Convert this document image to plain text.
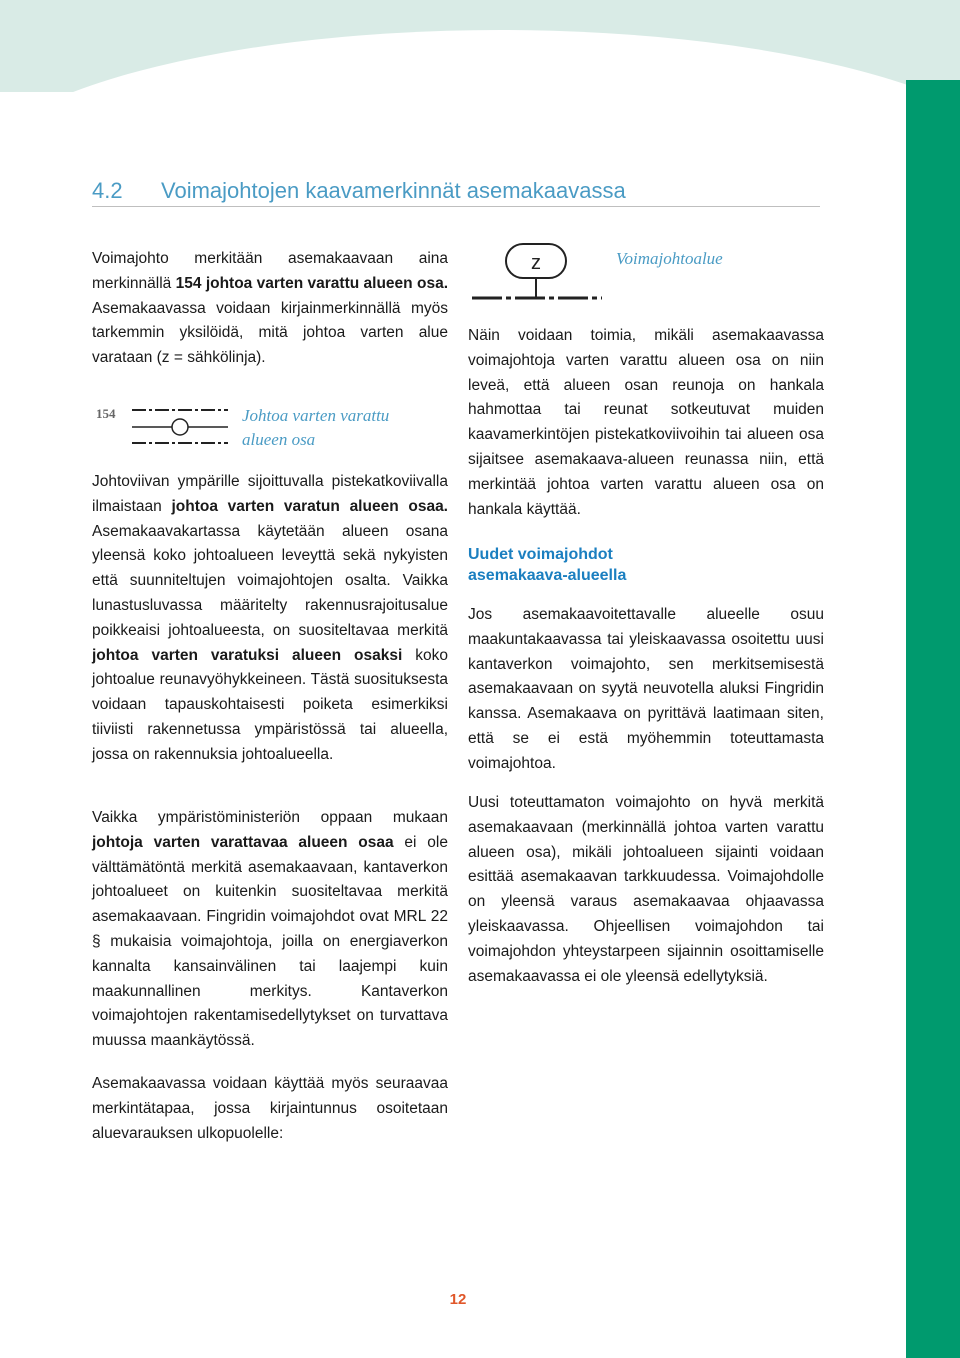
4.2 Voimajohtojen kaavamerkinnät asemakaavassa

Voimajohto merkitään asemakaavaan aina merkinnällä 154 johtoa varten varattu alueen osa. Asemakaavassa voidaan kirjainmerkinnällä myös tarkemmin yksilöidä, mitä johtoa varten alue varataan (z = sähkölinja).

154	Johtoa varten varattu
alueen osa

Johtoviivan ympärille sijoittuvalla pistekatkoviivalla ilmaistaan johtoa varten varatun alueen osaa. Asemakaavakartassa käytetään alueen osana yleensä koko johtoalueen leveyttä sekä nykyisten että suunniteltujen voimajohtojen osalta. Vaikka lunastusluvassa määritelty rakennusrajoitusalue poikkeaisi johtoalueesta, on suositeltavaa merkitä johtoa varten varatuksi alueen osaksi koko johtoalue reunavyöhykkeineen. Tästä suosituksesta voidaan tapauskohtaisesti poiketa esimerkiksi tiiviisti rakennetussa ympäristössä tai alueella, jossa on rakennuksia johtoalueella.

Vaikka ympäristöministeriön oppaan mukaan johtoja varten varattavaa alueen osaa ei ole välttämätöntä merkitä asemakaavaan, kantaverkon johtoalueet on kuitenkin suositeltavaa merkitä asemakaavaan. Fingridin voimajohdot ovat MRL 22 § mukaisia voimajohtoja, joilla on energiaverkon kannalta kansainvälinen tai laajempi kuin maakunnallinen merkitys. Kantaverkon voimajohtojen rakentamisedellytykset on turvattava muussa maankäytössä.

Asemakaavassa voidaan käyttää myös seuraavaa merkintätapaa, jossa kirjaintunnus osoitetaan aluevarauksen ulkopuolelle:

z	Voimajohtoalue

Näin voidaan toimia, mikäli asemakaavassa voimajohtoja varten varattu alueen osa on niin leveä, että alueen osan reunoja on hankala hahmottaa tai reunat sotkeutuvat muiden kaavamerkintöjen pistekatkoviivoihin tai alueen osa sijaitsee asemakaava-alueen reunassa niin, että merkintää johtoa varten varattu alueen osa on hankala käyttää.

Uudet voimajohdot
asemakaava-alueella

Jos asemakaavoitettavalle alueelle osuu maakuntakaavassa tai yleiskaavassa osoitettu uusi kantaverkon voimajohto, sen merkitsemisestä asemakaavaan on syytä neuvotella aluksi Fingridin kanssa. Asemakaava on pyrittävä laatimaan siten, että se ei estä myöhemmin toteuttamasta voimajohtoa.

Uusi toteuttamaton voimajohto on hyvä merkitä asemakaavaan (merkinnällä johtoa varten varattu alueen osa), mikäli johtoalueen sijainti voidaan esittää asemakaavan tarkkuudessa. Voimajohdolle on yleensä varaus asemakaavaa ohjaavassa yleiskaavassa. Ohjeellisen voimajohdon tai voimajohdon yhteystarpeen sijainnin osoittamiselle asemakaavassa ei ole yleensä edellytyksiä.

12
